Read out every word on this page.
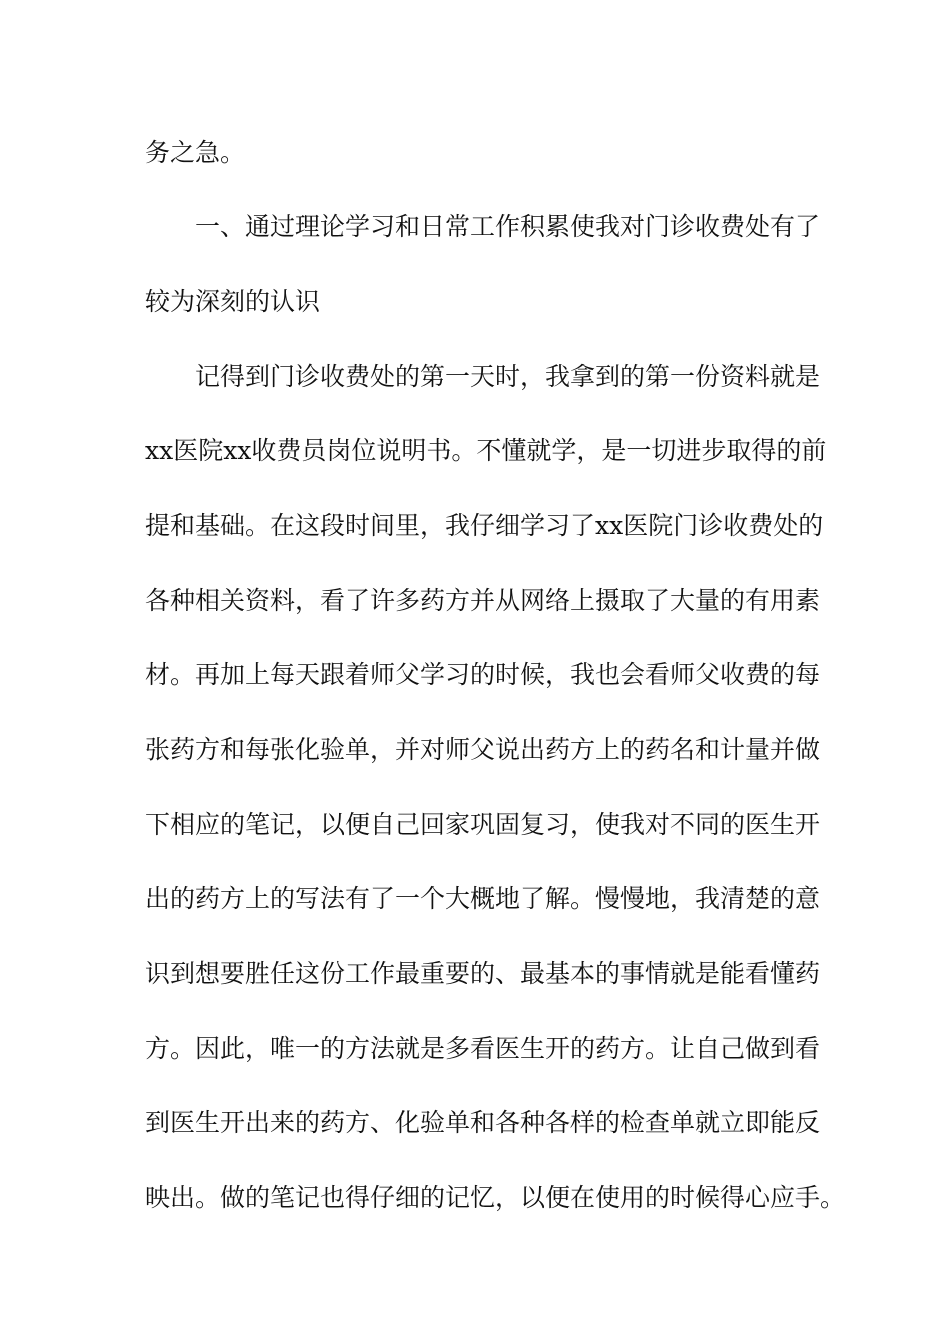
务之急。
一、通过理论学习和日常工作积累使我对门诊收费处有了
较为深刻的认识
记得到门诊收费处的第一天时，我拿到的第一份资料就是
xx医院xx收费员岗位说明书。不懂就学，是一切进步取得的前
提和基础。在这段时间里，我仔细学习了xx医院门诊收费处的
各种相关资料，看了许多药方并从网络上摄取了大量的有用素
材。再加上每天跟着师父学习的时候，我也会看师父收费的每
张药方和每张化验单，并对师父说出药方上的药名和计量并做
下相应的笔记，以便自己回家巩固复习，使我对不同的医生开
出的药方上的写法有了一个大概地了解。慢慢地，我清楚的意
识到想要胜任这份工作最重要的、最基本的事情就是能看懂药
方。因此，唯一的方法就是多看医生开的药方。让自己做到看
到医生开出来的药方、化验单和各种各样的检查单就立即能反
映出。做的笔记也得仔细的记忆，以便在使用的时候得心应手。
